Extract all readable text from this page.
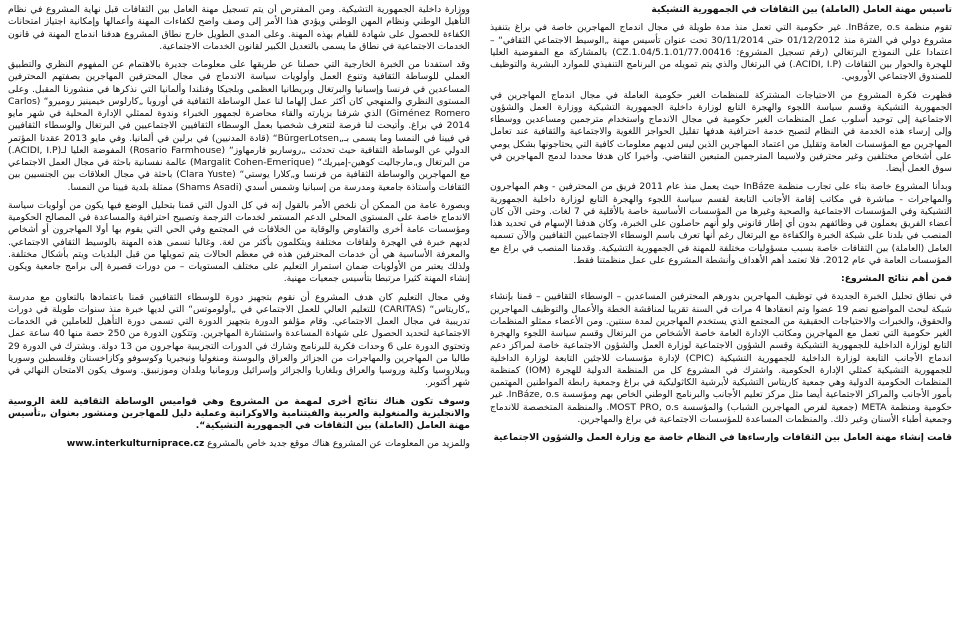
تأسيس مهنة العامل (العاملة) بين الثقافات في الجمهورية التشيكية

تقوم منظمة InBáze, o.s. غير حكومية التي تعمل منذ مدة طويلة في مجال اندماج المهاجرين خاصة في براغ بتنفيذ مشروع دولي في الفترة منذ 01/12/2012 حتى 30/11/2014 تحت عنوان تأسيس مهنة „الوسيط الاجتماعي الثقافي“ – اعتمادا على النموذج البرتغالي (رقم تسجيل المشروع: CZ.1.04/5.1.01/77.00416) بالمشاركة مع المفوضية العليا للهجرة والحوار بين الثقافات (ACIDI, I.P.) في البرتغال والذي يتم تمويله من البرنامج التنفيذي للموارد البشرية والتوظيف للصندوق الاجتماعي الأوروبي.

فظهرت فكرة المشروع من الاحتياجات المشتركة للمنظمات الغير حكومية العاملة في مجال اندماج المهاجرين في الجمهورية التشيكية وقسم سياسة اللجوء والهجرة التابع لوزارة داخلية الجمهورية التشيكية ووزارة العمل والشؤون الاجتماعية إلى توحيد أسلوب عمل المنظمات الغير حكومية في مجال الاندماج واستخدام مترجمين ومساعدين ووسطاء وإلى إرساء هذه الخدمة في النظام لتصبح خدمة احترافية هدفها تقليل الحواجز اللغوية والاجتماعية والثقافية عند تعامل المهاجرين مع المؤسسات العامة وتقليل من اعتماد المهاجرين الذين ليس لديهم معلومات كافية التي يحتاجونها بشكل يومي على أشخاص مختلفين وغير محترفين ولاسيما المترجمين المتبعين التقاضي. وأخيرا كان هدفا محددا لدمج المهاجرين في سوق العمل أيضا.

وبدأنا المشروع خاصة بناء على تجارب منظمة InBáze حيث يعمل منذ عام 2011 فريق من المحترفين - وهم المهاجرون والمهاجرات - مباشرة في مكاتب إقامة الأجانب التابعة لقسم سياسة اللجوء والهجرة التابع لوزارة داخلية الجمهورية التشيكية وفي المؤسسات الاجتماعية والصحية وغيرها من المؤسسات الأساسية خاصة بالأقلية في 7 لغات. وحتى الآن كان أعضاء الفريق يعملون في وظائفهم بدون أي إطار قانوني ولو أنهم حاصلون على الخبرة، وكان هدفنا الإسهام في تحديد هذا المنصب في بلدنا على شبكة الخبرة والكفاءة مع البرتغال رغم أنها تعرف باسم الوسطاء الاجتماعيين الثقافيين والآن تسميه العامل (العاملة) بين الثقافات خاصة بسبب مسؤوليات مختلفة للمهنة في الجمهورية التشيكية. وقدمنا المنصب في براغ مع المؤسسات العامة في عام 2012. فلا تعتمد أهم الأهداف وأنشطة المشروع على عمل منظمتنا فقط.

فمن أهم نتائج المشروع:

في نطاق تحليل الخبرة الجديدة في توظيف المهاجرين بدورهم المحترفين المساعدين – الوسطاء الثقافيين – قمنا بإنشاء شبكة لبحث المواضيع تضم 19 عضوا وتم انعقادها 4 مرات في السنة تقريبا لمناقشة الخطة والأعمال والتوظيف المهاجرين والحقوق، والخبرات والاحتياجات الحقيقية من المجتمع الذي يستخدم المهاجرين لمدة سنتين. ومن الأعضاء ممثلو المنظمات الغير حكومية التي تعمل مع المهاجرين ومكاتب الإدارة العامة خاصة الأشخاص من البرتغال وقسم سياسة اللجوء والهجرة التابع لوزارة الداخلية للجمهورية التشيكية وقسم الشؤون الاجتماعية لوزارة العمل والشؤون الاجتماعية خاصة لمراكز دعم اندماج الأجانب التابعة لوزارة الداخلية للجمهورية التشيكية (CPIC) لإدارة مؤسسات للاجئين التابعة لوزارة الداخلية للجمهورية التشيكية كمثلي الإدارة الحكومية. واشترك في المشروع كل من المنظمة الدولية للهجرة (IOM) كمنظمة المنظمات الحكومية الدولية وهي جمعية كاريتاس التشيكية لأبرشية الكاثوليكية في براغ وجمعية رابطة المواطنين المهتمين بأمور الأجانب والمراكز الاجتماعية أيضا مثل مركز تعليم الأجانب والبرنامج الوطني الخاص بهم ومؤسسة InBáze, o.s. غير حكومية ومنظمة META (جمعية لفرص المهاجرين الشباب) والمؤسسة MOST PRO, o.s. والمنظمة المتخصصة للاندماج وجمعية أطباء الأسنان وغير ذلك. والمنظمات المساعدة للمؤسسات الاجتماعية في براغ والمهاجرين.

قامت إنشاء مهنة العامل بين الثقافات وإرساءها في النظام خاصة مع وزارة العمل والشؤون الاجتماعية

ووزارة داخلية الجمهورية التشيكية. ومن المفترض أن يتم تسجيل مهنة العامل بين الثقافات قبل نهاية المشروع في نظام التأهيل الوطني ونظام المهن الوطني ويؤدي هذا الأمر إلى وصف واضح لكفاءات المهنة وأعمالها وإمكانية اجتياز امتحانات الكفاءة للحصول على شهادة للقيام بهذه المهنة. وعلى المدى الطويل خارج نطاق المشروع هدفنا اندماج المهنة في قانون الخدمات الاجتماعية في نطاق ما يسمى بالتعديل الكبير لقانون الخدمات الاجتماعية.

وقد استفدنا من الخبرة الخارجية التي حصلنا عن طريقها على معلومات جديرة بالاهتمام عن المفهوم النظري والتطبيق العملي للوساطة الثقافية وتنوع العمل وأولويات سياسة الاندماج في مجال المحترفين المهاجرين بصفتهم المحترفين المساعدين في فرنسا وإسبانيا والبرتغال وبريطانيا العظمى وبلجيكا وفنلندا وألمانيا التي نذكرها في منشورنا المقبل. وعلى المستوى النظري والمنهجي كان أكثر عمل إلهاما لنا عمل الوساطة الثقافية في أوروبا „كارلوس خيمينيز روميرو“ (Carlos Giménez Romero) الذي شرفنا بزيارته والقاء محاضرة لجمهور الخبراء وندوة لممثلي الإدارة المحلية في شهر مايو 2014 في براغ. وأتيحت لنا فرصة لتتعرف شخصيا بعمل الوسطاء الثقافيين الاجتماعيين في البرتغال والوسطاء الثقافيين في فيينا في النمسا وما يسمى بـ„BürgerLotsen“ (قادة المدنيين) في برلين في ألمانيا. وفي مايو 2013 عقدنا المؤتمر الدولي عن الوساطة الثقافية حيث تحدثت „روساريو فارمهاوز“ (Rosario Farmhouse) المفوضة العليا لـ(ACIDI, I.P.) من البرتغال و„مارجاليت كوهين-إميريك“ (Margalit Cohen-Emerique) عالمة نفسانية باحثة في مجال العمل الاجتماعي مع المهاجرين والوساطة الثقافية من فرنسا و„كلارا يوستي“ (Clara Yuste) باحثة في مجال العلاقات بين الجنسيين بين الثقافات وأستاذة جامعية ومدرسة من إسبانيا وشمس أسدي (Shams Asadi) ممثلة بلدية فيينا من النمسا.

وبصورة عامة من الممكن أن نلخص الأمر بالقول إنه في كل الدول التي قمنا بتحليل الوضع فيها يكون من أولويات سياسة الاندماج خاصة على المستوى المحلي الدعم المستمر لخدمات الترجمة وتصبيح احترافية والمساعدة في المصالح الحكومية ومؤسسات عامة أخرى والتفاوض والوقاية من الخلافات في المجتمع وفي الحي التي يقوم بها أولا المهاجرون أو أشخاص لديهم خبرة في الهجرة ولقافات مختلفة ويتكلمون بأكثر من لغة. وغالبا تسمى هذه المهنة بالوسيط الثقافي الاجتماعي. والمعرفة الأساسية هي أن خدمات المحترفين هذه في معظم الحالات يتم تمويلها من قبل البلديات ويتم بأشكال مختلفة. ولذلك يعتبر من الأولويات ضمان استمرار التعليم على مختلف المستويات – من دورات قصيرة إلى برامج جامعية ويكون إنشاء المهنة كثيرا مرتبطا بتأسيس جمعيات مهنية.

وفي مجال التعليم كان هدف المشروع أن نقوم بتجهيز دورة للوسطاء الثقافيين قمنا باعتمادها بالتعاون مع مدرسة „كاريتاس“ (CARITAS) للتعليم العالي للعمل الاجتماعي في „أولوموتس“ التي لديها خبرة منذ سنوات طويلة في دورات تدريبية في مجال العمل الاجتماعي. وقام مؤلفو الدورة بتجهيز الدورة التي تسمى دورة التأهيل للعاملين في الخدمات الاجتماعية لتحديد الحصول على شهادة المساعدة واستشارة المهاجرين. وتتكون الدورة من 250 حصة منها 40 ساعة عمل وتحتوي الدورة على 6 وحدات فكرية للبرنامج وشارك في الدورات التجريبية مهاجرون من 13 دولة. وبشترك في الدورة 29 طالبا من المهاجرين والمهاجرات من الجزائر والعراق والبوسنة ومنغوليا ونيجيريا وكوسوفو وكازاخستان وفلسطين وسوريا وبيلاروسيا وكلية وروسيا والعراق وبلغاريا والجزائر وإسرائيل ورومانيا وبلدان وموزنبيق. وسوف يكون الامتحان النهائي في شهر أكتوبر.

وسوف تكون هناك نتائج أخرى لمهمة من المشروع وهي قواميس الوساطة الثقافية للغة الروسية والانجليزية والمنغولية والعربية والفيتنامية والاوكرانية وعملية دليل للمهاجرين ومنشور بعنوان „تأسيس مهنة العامل (العاملة) بين الثقافات في الجمهورية التشيكية“.

وللمزيد من المعلومات عن المشروع هناك موقع جديد خاص بالمشروع www.interkulturniprace.cz
